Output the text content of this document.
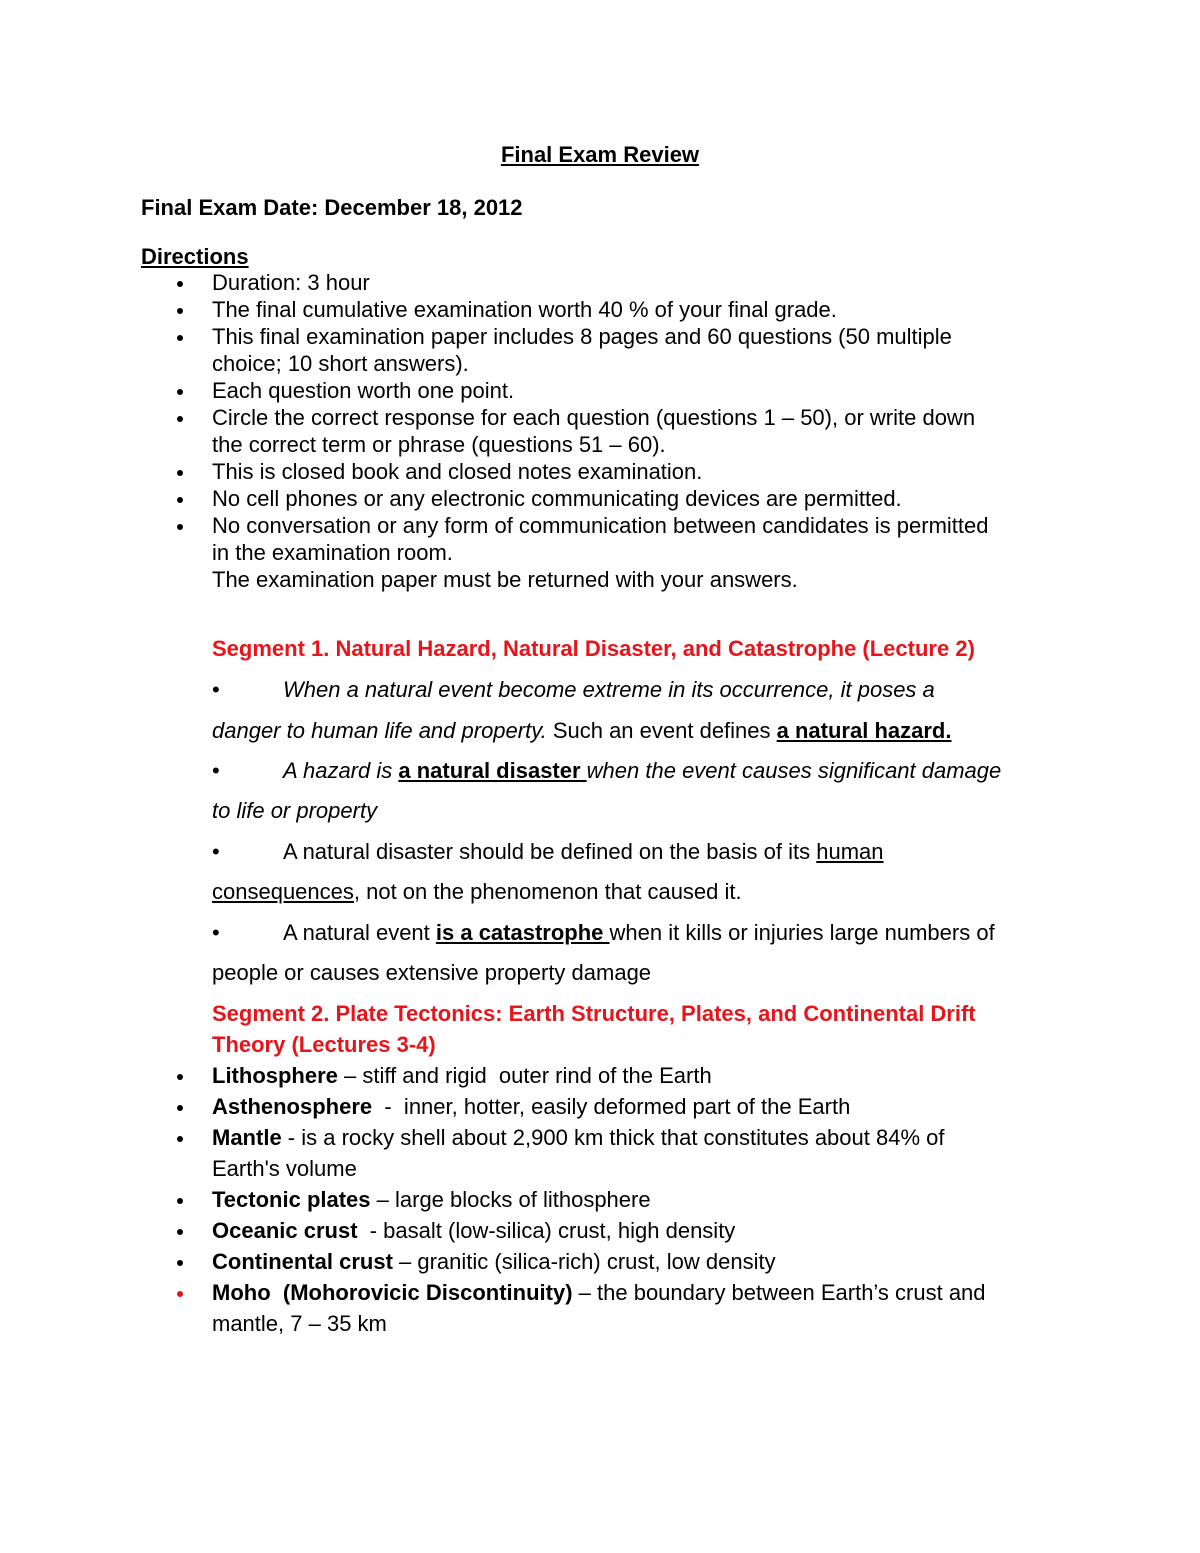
Final Exam Review
Final Exam Date: December 18, 2012
Directions
Duration: 3 hour
The final cumulative examination worth 40 % of your final grade.
This final examination paper includes 8 pages and 60 questions (50 multiple
choice; 10 short answers).
Each question worth one point.
Circle the correct response for each question (questions 1 – 50), or write down
the correct term or phrase (questions 51 – 60).
This is closed book and closed notes examination.
No cell phones or any electronic communicating devices are permitted.
No conversation or any form of communication between candidates is permitted
in the examination room.
The examination paper must be returned with your answers.
Segment 1. Natural Hazard, Natural Disaster, and Catastrophe (Lecture 2)
•	When a natural event become extreme in its occurrence, it poses a
danger to human life and property. Such an event defines a natural hazard.
•	A hazard is a natural disaster when the event causes significant damage
to life or property
•	A natural disaster should be defined on the basis of its human
consequences, not on the phenomenon that caused it.
•	A natural event is a catastrophe when it kills or injuries large numbers of
people or causes extensive property damage
Segment 2. Plate Tectonics: Earth Structure, Plates, and Continental Drift
Theory (Lectures 3-4)
Lithosphere – stiff and rigid  outer rind of the Earth
Asthenosphere  -  inner, hotter, easily deformed part of the Earth
Mantle - is a rocky shell about 2,900 km thick that constitutes about 84% of
Earth's volume
Tectonic plates – large blocks of lithosphere
Oceanic crust  - basalt (low-silica) crust, high density
Continental crust – granitic (silica-rich) crust, low density
Moho  (Mohorovicic Discontinuity) – the boundary between Earth’s crust and
mantle, 7 – 35 km
